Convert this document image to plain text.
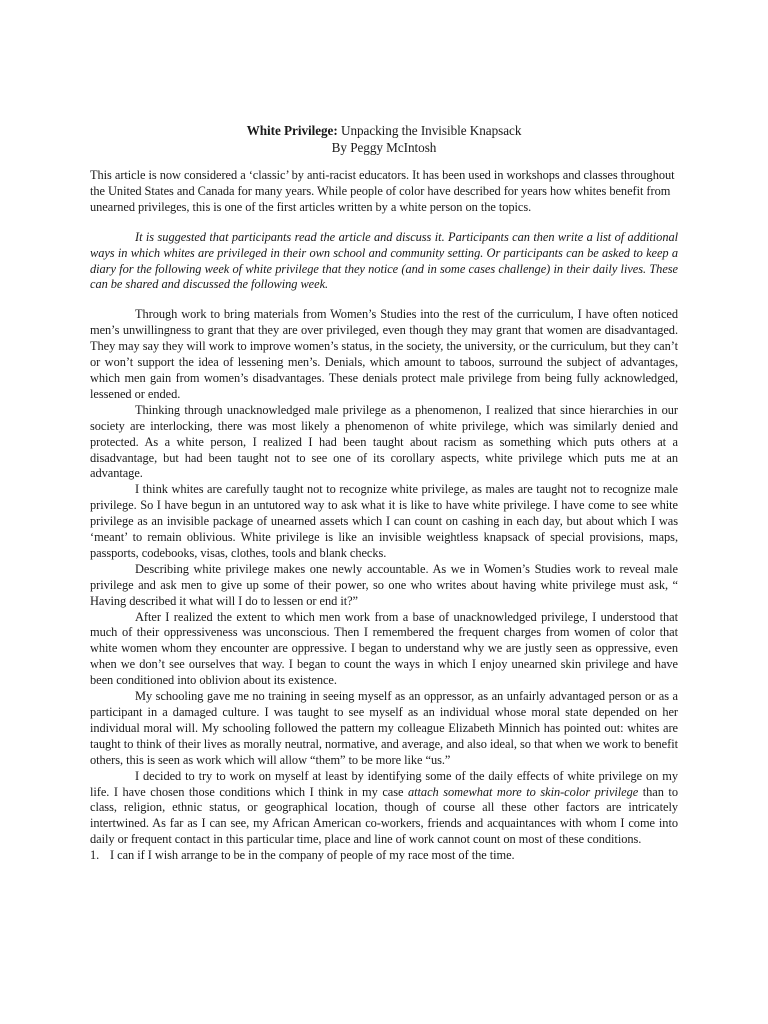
White Privilege: Unpacking the Invisible Knapsack
By Peggy McIntosh

This article is now considered a ‘classic’ by anti-racist educators. It has been used in workshops and classes throughout the United States and Canada for many years. While people of color have described for years how whites benefit from unearned privileges, this is one of the first articles written by a white person on the topics.

It is suggested that participants read the article and discuss it. Participants can then write a list of additional ways in which whites are privileged in their own school and community setting. Or participants can be asked to keep a diary for the following week of white privilege that they notice (and in some cases challenge) in their daily lives. These can be shared and discussed the following week.

Through work to bring materials from Women’s Studies into the rest of the curriculum, I have often noticed men’s unwillingness to grant that they are over privileged, even though they may grant that women are disadvantaged. They may say they will work to improve women’s status, in the society, the university, or the curriculum, but they can’t or won’t support the idea of lessening men’s. Denials, which amount to taboos, surround the subject of advantages, which men gain from women’s disadvantages. These denials protect male privilege from being fully acknowledged, lessened or ended.

Thinking through unacknowledged male privilege as a phenomenon, I realized that since hierarchies in our society are interlocking, there was most likely a phenomenon of white privilege, which was similarly denied and protected. As a white person, I realized I had been taught about racism as something which puts others at a disadvantage, but had been taught not to see one of its corollary aspects, white privilege which puts me at an advantage.

I think whites are carefully taught not to recognize white privilege, as males are taught not to recognize male privilege. So I have begun in an untutored way to ask what it is like to have white privilege. I have come to see white privilege as an invisible package of unearned assets which I can count on cashing in each day, but about which I was ‘meant’ to remain oblivious. White privilege is like an invisible weightless knapsack of special provisions, maps, passports, codebooks, visas, clothes, tools and blank checks.

Describing white privilege makes one newly accountable. As we in Women’s Studies work to reveal male privilege and ask men to give up some of their power, so one who writes about having white privilege must ask, “ Having described it what will I do to lessen or end it?”

After I realized the extent to which men work from a base of unacknowledged privilege, I understood that much of their oppressiveness was unconscious. Then I remembered the frequent charges from women of color that white women whom they encounter are oppressive. I began to understand why we are justly seen as oppressive, even when we don’t see ourselves that way. I began to count the ways in which I enjoy unearned skin privilege and have been conditioned into oblivion about its existence.

My schooling gave me no training in seeing myself as an oppressor, as an unfairly advantaged person or as a participant in a damaged culture. I was taught to see myself as an individual whose moral state depended on her individual moral will. My schooling followed the pattern my colleague Elizabeth Minnich has pointed out: whites are taught to think of their lives as morally neutral, normative, and average, and also ideal, so that when we work to benefit others, this is seen as work which will allow “them” to be more like “us.”

I decided to try to work on myself at least by identifying some of the daily effects of white privilege on my life. I have chosen those conditions which I think in my case attach somewhat more to skin-color privilege than to class, religion, ethnic status, or geographical location, though of course all these other factors are intricately intertwined. As far as I can see, my African American co-workers, friends and acquaintances with whom I come into daily or frequent contact in this particular time, place and line of work cannot count on most of these conditions.

1. I can if I wish arrange to be in the company of people of my race most of the time.
